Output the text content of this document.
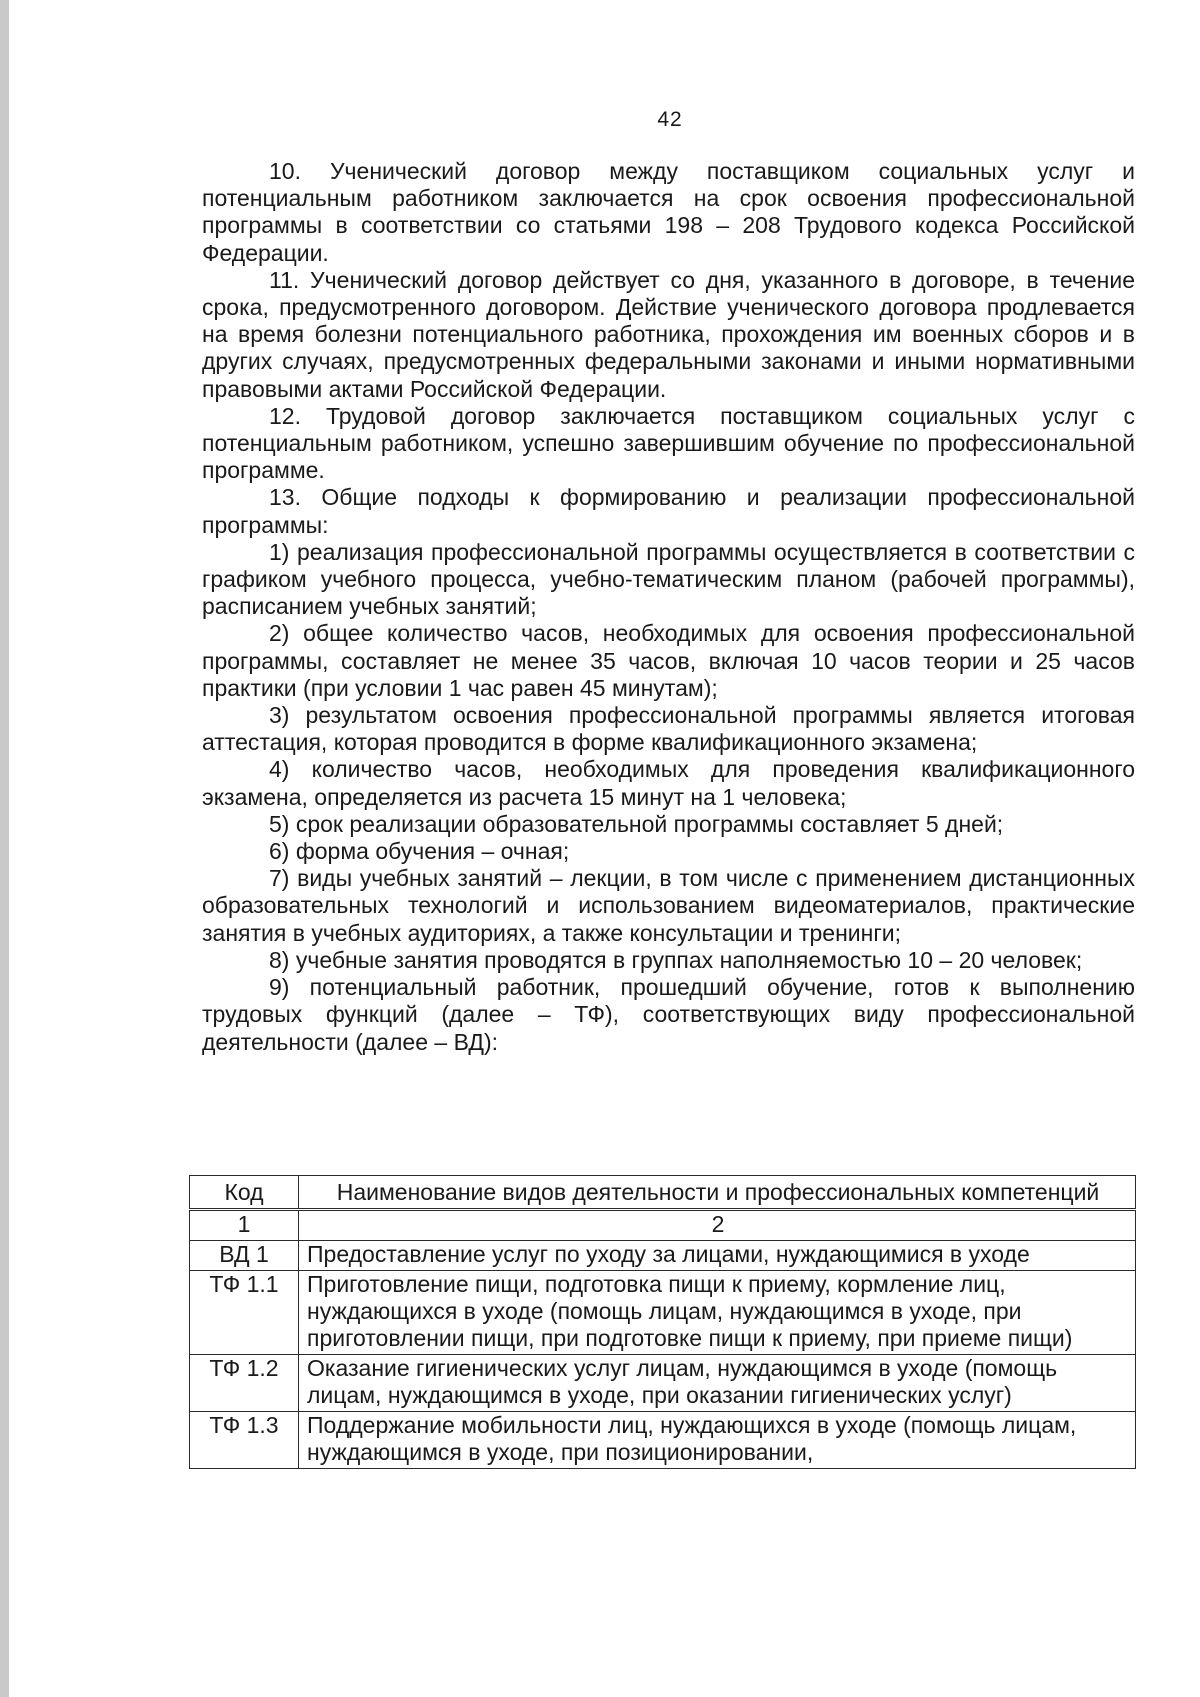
42

10. Ученический договор между поставщиком социальных услуг и потенциальным работником заключается на срок освоения профессиональной программы в соответствии со статьями 198 – 208 Трудового кодекса Российской Федерации.

11. Ученический договор действует со дня, указанного в договоре, в течение срока, предусмотренного договором. Действие ученического договора продлевается на время болезни потенциального работника, прохождения им военных сборов и в других случаях, предусмотренных федеральными законами и иными нормативными правовыми актами Российской Федерации.

12. Трудовой договор заключается поставщиком социальных услуг с потенциальным работником, успешно завершившим обучение по профессиональной программе.

13. Общие подходы к формированию и реализации профессиональной программы:

1) реализация профессиональной программы осуществляется в соответствии с графиком учебного процесса, учебно-тематическим планом (рабочей программы), расписанием учебных занятий;

2) общее количество часов, необходимых для освоения профессиональной программы, составляет не менее 35 часов, включая 10 часов теории и 25 часов практики (при условии 1 час равен 45 минутам);

3) результатом освоения профессиональной программы является итоговая аттестация, которая проводится в форме квалификационного экзамена;

4) количество часов, необходимых для проведения квалификационного экзамена, определяется из расчета 15 минут на 1 человека;

5) срок реализации образовательной программы составляет 5 дней;

6) форма обучения – очная;

7) виды учебных занятий – лекции, в том числе с применением дистанционных образовательных технологий и использованием видеоматериалов, практические занятия в учебных аудиториях, а также консультации и тренинги;

8) учебные занятия проводятся в группах наполняемостью 10 – 20 человек;

9) потенциальный работник, прошедший обучение, готов к выполнению трудовых функций (далее – ТФ), соответствующих виду профессиональной деятельности (далее – ВД):

Код	Наименование видов деятельности и профессиональных компетенций
1	2
ВД 1	Предоставление услуг по уходу за лицами, нуждающимися в уходе
ТФ 1.1	Приготовление пищи, подготовка пищи к приему, кормление лиц, нуждающихся в уходе (помощь лицам, нуждающимся в уходе, при приготовлении пищи, при подготовке пищи к приему, при приеме пищи)
ТФ 1.2	Оказание гигиенических услуг лицам, нуждающимся в уходе (помощь лицам, нуждающимся в уходе, при оказании гигиенических услуг)
ТФ 1.3	Поддержание мобильности лиц, нуждающихся в уходе (помощь лицам, нуждающимся в уходе, при позиционировании,
